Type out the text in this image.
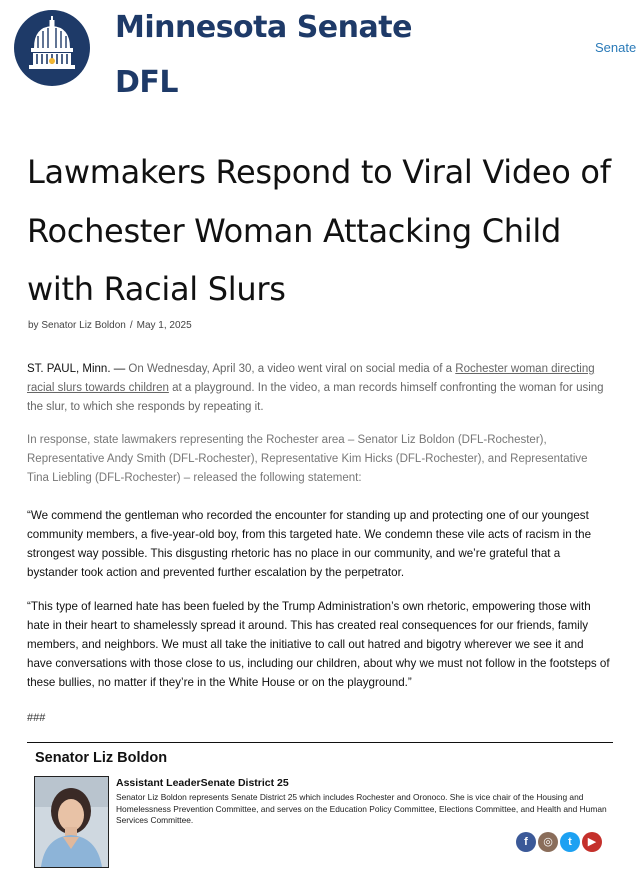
Minnesota Senate
DFL
Senate
Lawmakers Respond to Viral Video of Rochester Woman Attacking Child with Racial Slurs
by Senator Liz Boldon / May 1, 2025

ST. PAUL, Minn. — On Wednesday, April 30, a video went viral on social media of a Rochester woman directing racial slurs towards children at a playground. In the video, a man records himself confronting the woman for using the slur, to which she responds by repeating it.

In response, state lawmakers representing the Rochester area – Senator Liz Boldon (DFL-Rochester), Representative Andy Smith (DFL-Rochester), Representative Kim Hicks (DFL-Rochester), and Representative Tina Liebling (DFL-Rochester) – released the following statement:

“We commend the gentleman who recorded the encounter for standing up and protecting one of our youngest community members, a five-year-old boy, from this targeted hate. We condemn these vile acts of racism in the strongest way possible. This disgusting rhetoric has no place in our community, and we’re grateful that a bystander took action and prevented further escalation by the perpetrator.

“This type of learned hate has been fueled by the Trump Administration’s own rhetoric, empowering those with hate in their heart to shamelessly spread it around. This has created real consequences for our friends, family members, and neighbors. We must all take the initiative to call out hatred and bigotry wherever we see it and have conversations with those close to us, including our children, about why we must not follow in the footsteps of these bullies, no matter if they’re in the White House or on the playground.”

###

Senator Liz Boldon

Assistant LeaderSenate District 25

Senator Liz Boldon represents Senate District 25 which includes Rochester and Oronoco. She is vice chair of the Housing and Homelessness Prevention Committee, and serves on the Education Policy Committee, Elections Committee, and Health and Human Services Committee.

f	◎	t	▶
